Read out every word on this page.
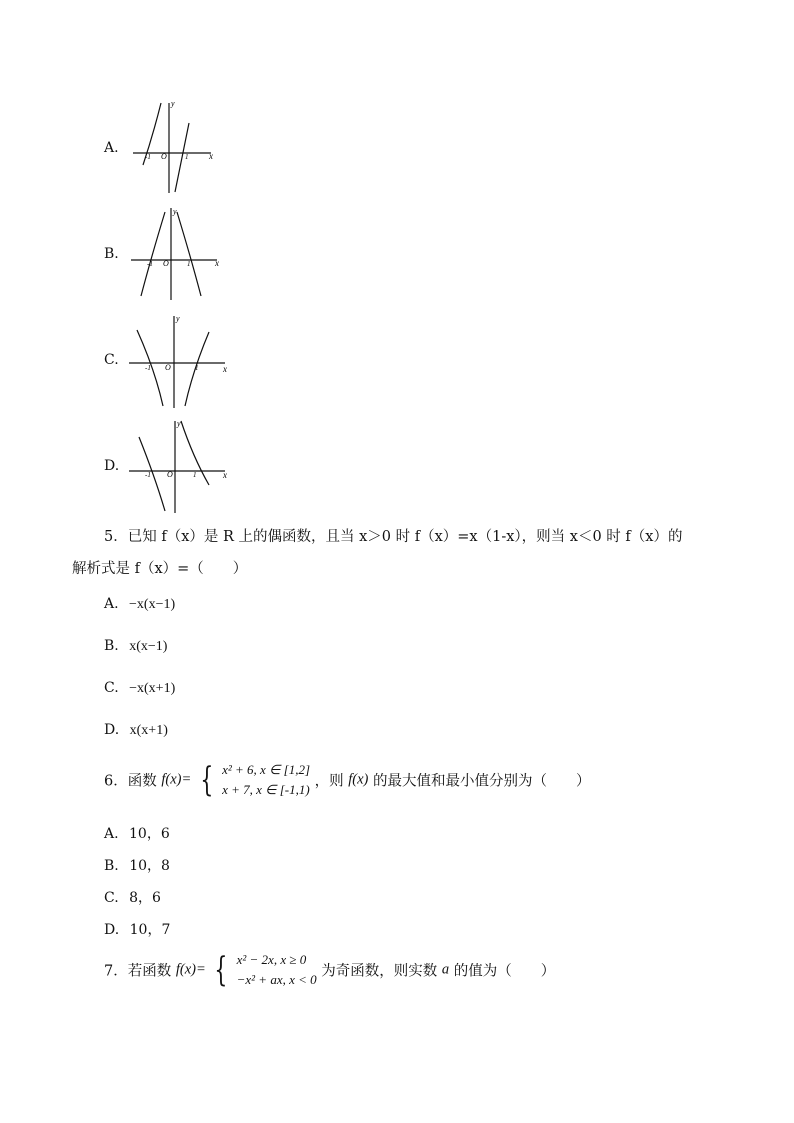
A.
B.
C.
D.
y
x
O
-1	1
y
x
O
-1	1
y
x
O
-1	1
y
x
O
-1	1
5．已知 f（x）是 R 上的偶函数，且当 x＞0 时 f（x）=x（1-x），则当 x＜0 时 f（x）的
解析式是 f（x）=（　　）
A. −x(x−1)
B. x(x−1)
C. −x(x+1)
D. x(x+1)
6．函数 f(x)= { x² + 6, x ∈ [1,2]
x + 7, x ∈ [-1,1) ，则 f(x) 的最大值和最小值分别为（　　）
A. 10，6
B. 10，8
C. 8，6
D. 10，7
7．若函数 f(x)= { x² − 2x, x ≥ 0
−x² + ax, x < 0 为奇函数，则实数 a 的值为（　　）
